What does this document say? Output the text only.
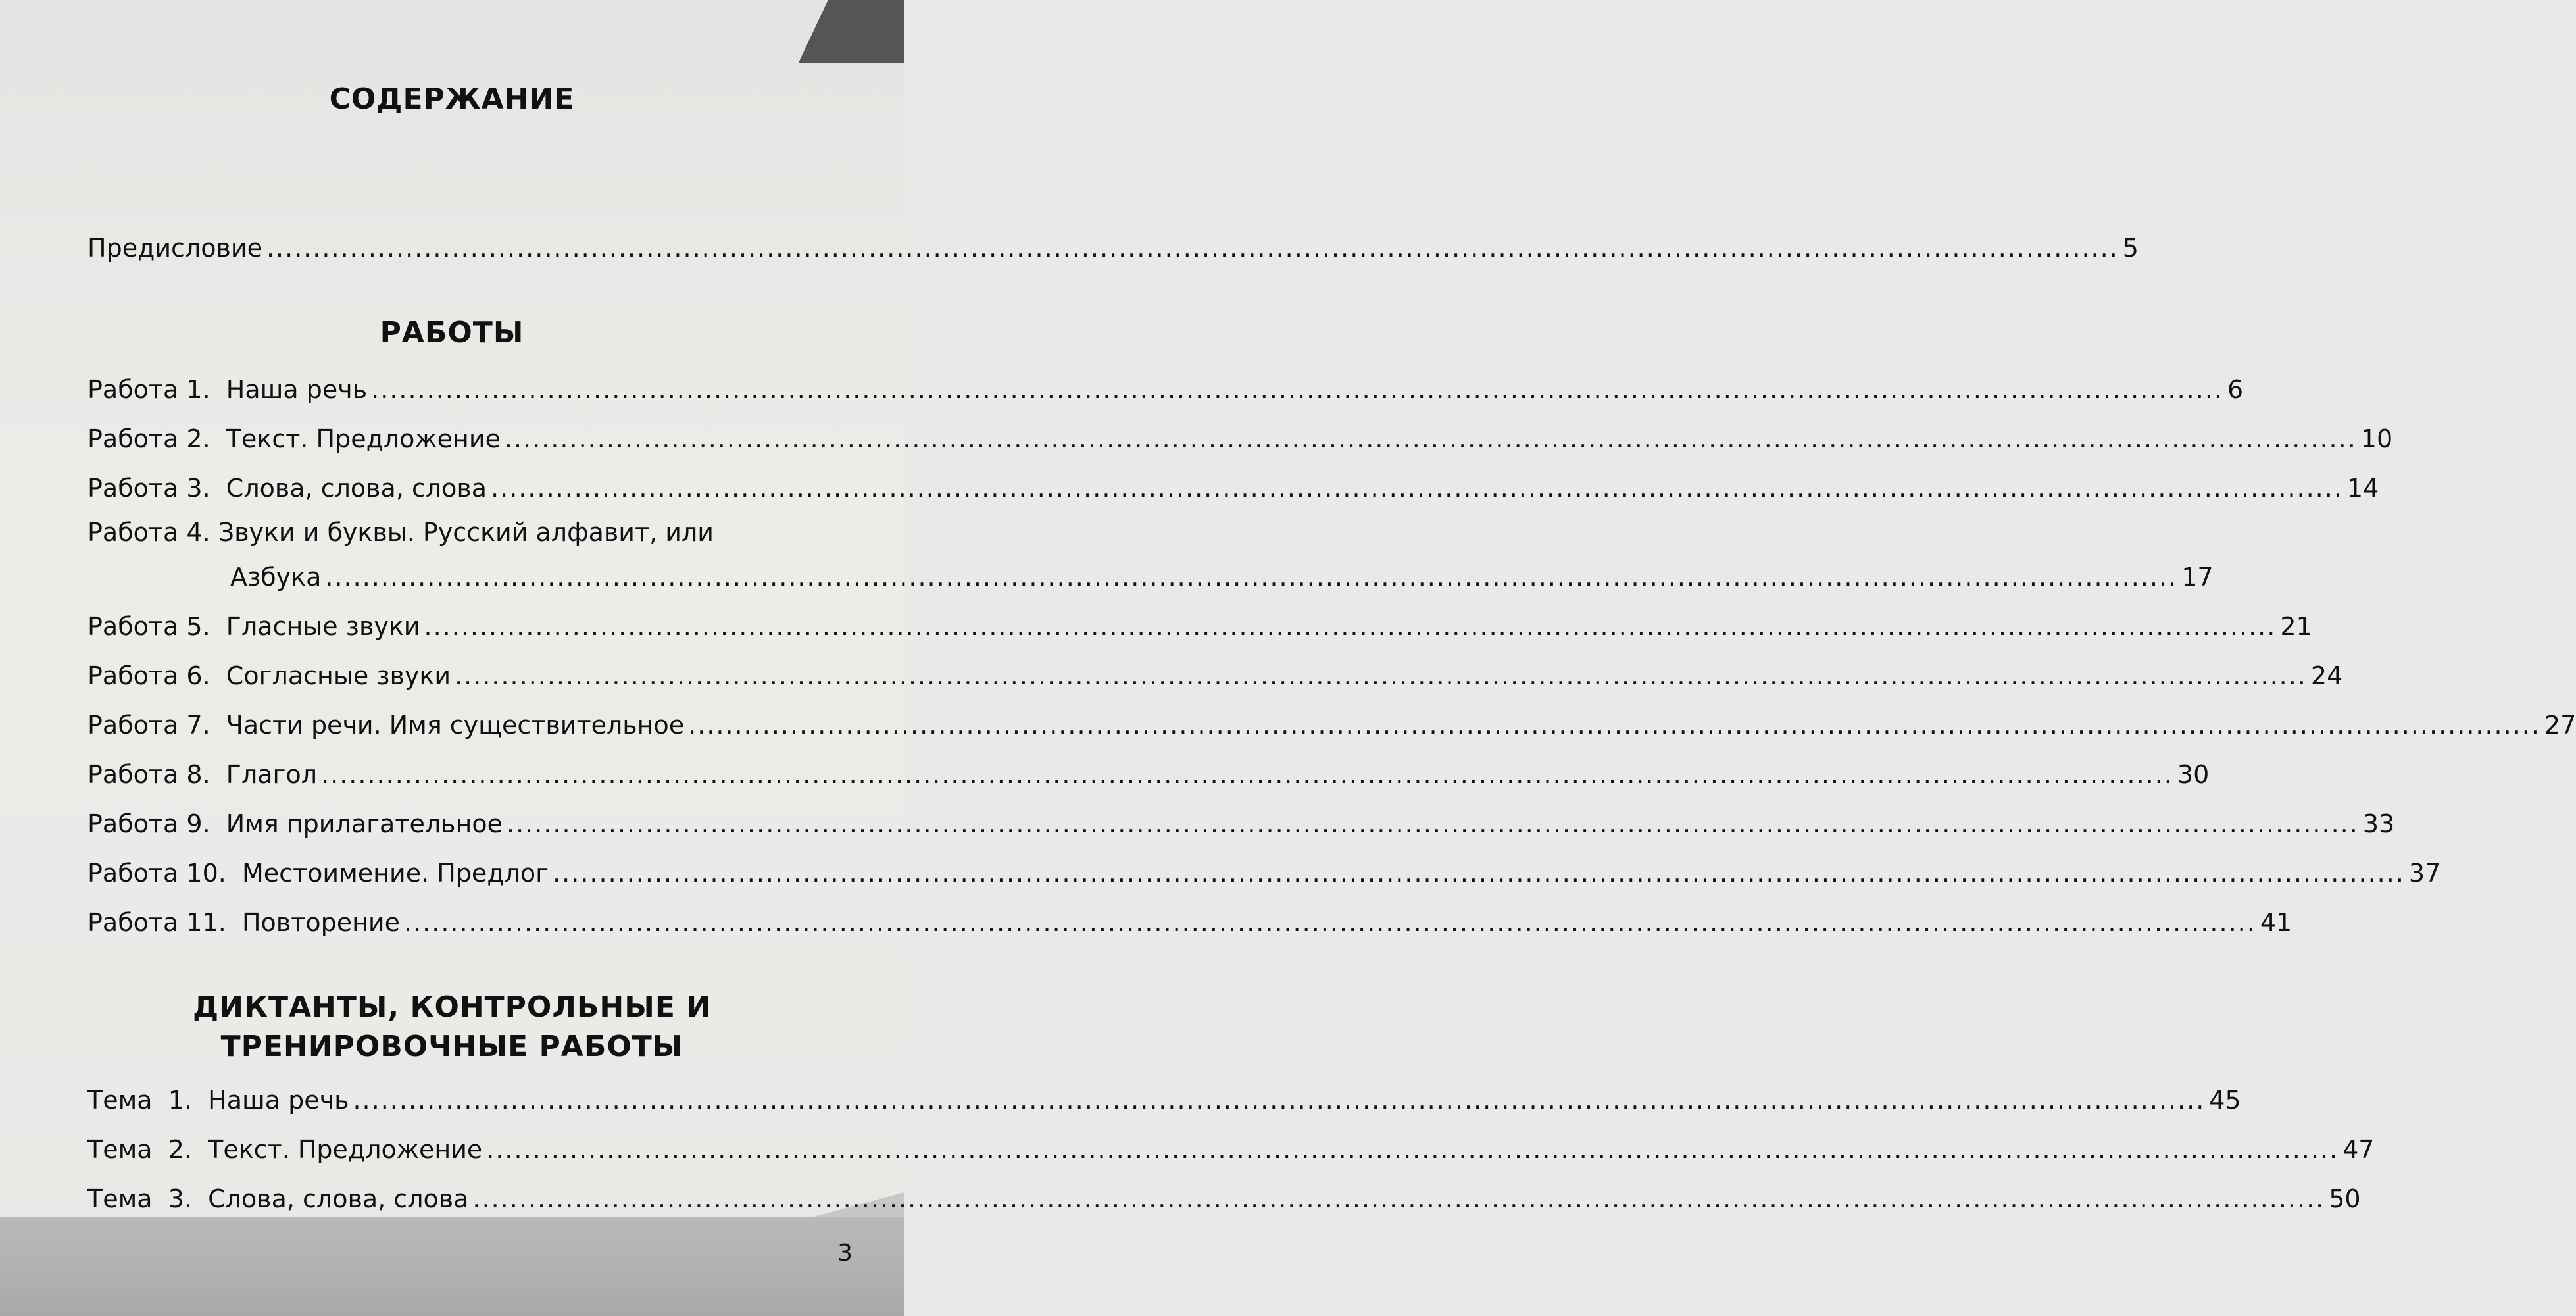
СОДЕРЖАНИЕ
Предисловие ........................................................................................................................................................................................................ 5
РАБОТЫ
Работа 1.  Наша речь ........................................................................................................................................................................................................ 6
Работа 2.  Текст. Предложение ........................................................................................................................................................................................................ 10
Работа 3.  Слова, слова, слова ........................................................................................................................................................................................................ 14
Работа 4. Звуки и буквы. Русский алфавит, или
Азбука ........................................................................................................................................................................................................ 17
Работа 5.  Гласные звуки ........................................................................................................................................................................................................ 21
Работа 6.  Согласные звуки ........................................................................................................................................................................................................ 24
Работа 7.  Части речи. Имя существительное ........................................................................................................................................................................................................ 27
Работа 8.  Глагол ........................................................................................................................................................................................................ 30
Работа 9.  Имя прилагательное ........................................................................................................................................................................................................ 33
Работа 10.  Местоимение. Предлог ........................................................................................................................................................................................................ 37
Работа 11.  Повторение ........................................................................................................................................................................................................ 41
ДИКТАНТЫ, КОНТРОЛЬНЫЕ И
ТРЕНИРОВОЧНЫЕ РАБОТЫ
Тема  1.  Наша речь ........................................................................................................................................................................................................ 45
Тема  2.  Текст. Предложение ........................................................................................................................................................................................................ 47
Тема  3.  Слова, слова, слова ........................................................................................................................................................................................................ 50
3
